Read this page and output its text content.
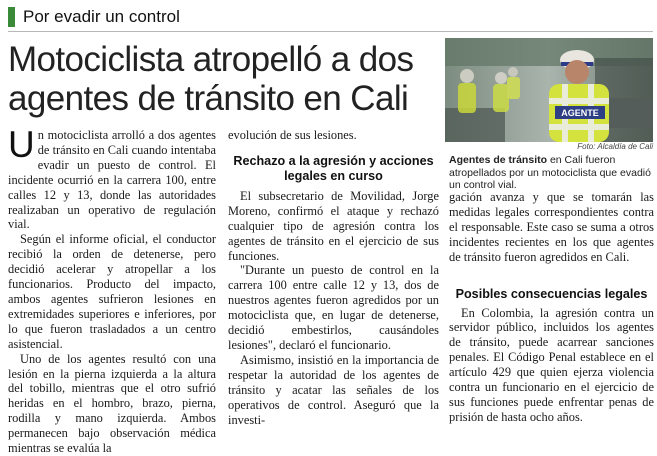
Por evadir un control
Motociclista atropelló a dos agentes de tránsito en Cali	AGENTE
Foto: Alcaldía de Cali
Agentes de tránsito en Cali fueron atropellados por un motociclista que evadió un control vial.

Un motociclista arrolló a dos agentes de tránsito en Cali cuando intentaba evadir un puesto de control. El incidente ocurrió en la carrera 100, entre calles 12 y 13, donde las autoridades realizaban un operativo de regulación vial.

Según el informe oficial, el conductor recibió la orden de detenerse, pero decidió acelerar y atropellar a los funcionarios. Producto del impacto, ambos agentes sufrieron lesiones en extremidades superiores e inferiores, por lo que fueron trasladados a un centro asistencial.

Uno de los agentes resultó con una lesión en la pierna izquierda a la altura del tobillo, mientras que el otro sufrió heridas en el hombro, brazo, pierna, rodilla y mano izquierda. Ambos permanecen bajo observación médica mientras se evalúa la

evolución de sus lesiones.

Rechazo a la agresión y acciones legales en curso

El subsecretario de Movilidad, Jorge Moreno, confirmó el ataque y rechazó cualquier tipo de agresión contra los agentes de tránsito en el ejercicio de sus funciones.

"Durante un puesto de control en la carrera 100 entre calle 12 y 13, dos de nuestros agentes fueron agredidos por un motociclista que, en lugar de detenerse, decidió embestirlos, causándoles lesiones", declaró el funcionario.

Asimismo, insistió en la importancia de respetar la autoridad de los agentes de tránsito y acatar las señales de los operativos de control. Aseguró que la investi-

gación avanza y que se tomarán las medidas legales correspondientes contra el responsable. Este caso se suma a otros incidentes recientes en los que agentes de tránsito fueron agredidos en Cali.

Posibles consecuencias legales

En Colombia, la agresión contra un servidor público, incluidos los agentes de tránsito, puede acarrear sanciones penales. El Código Penal establece en el artículo 429 que quien ejerza violencia contra un funcionario en el ejercicio de sus funciones puede enfrentar penas de prisión de hasta ocho años.
